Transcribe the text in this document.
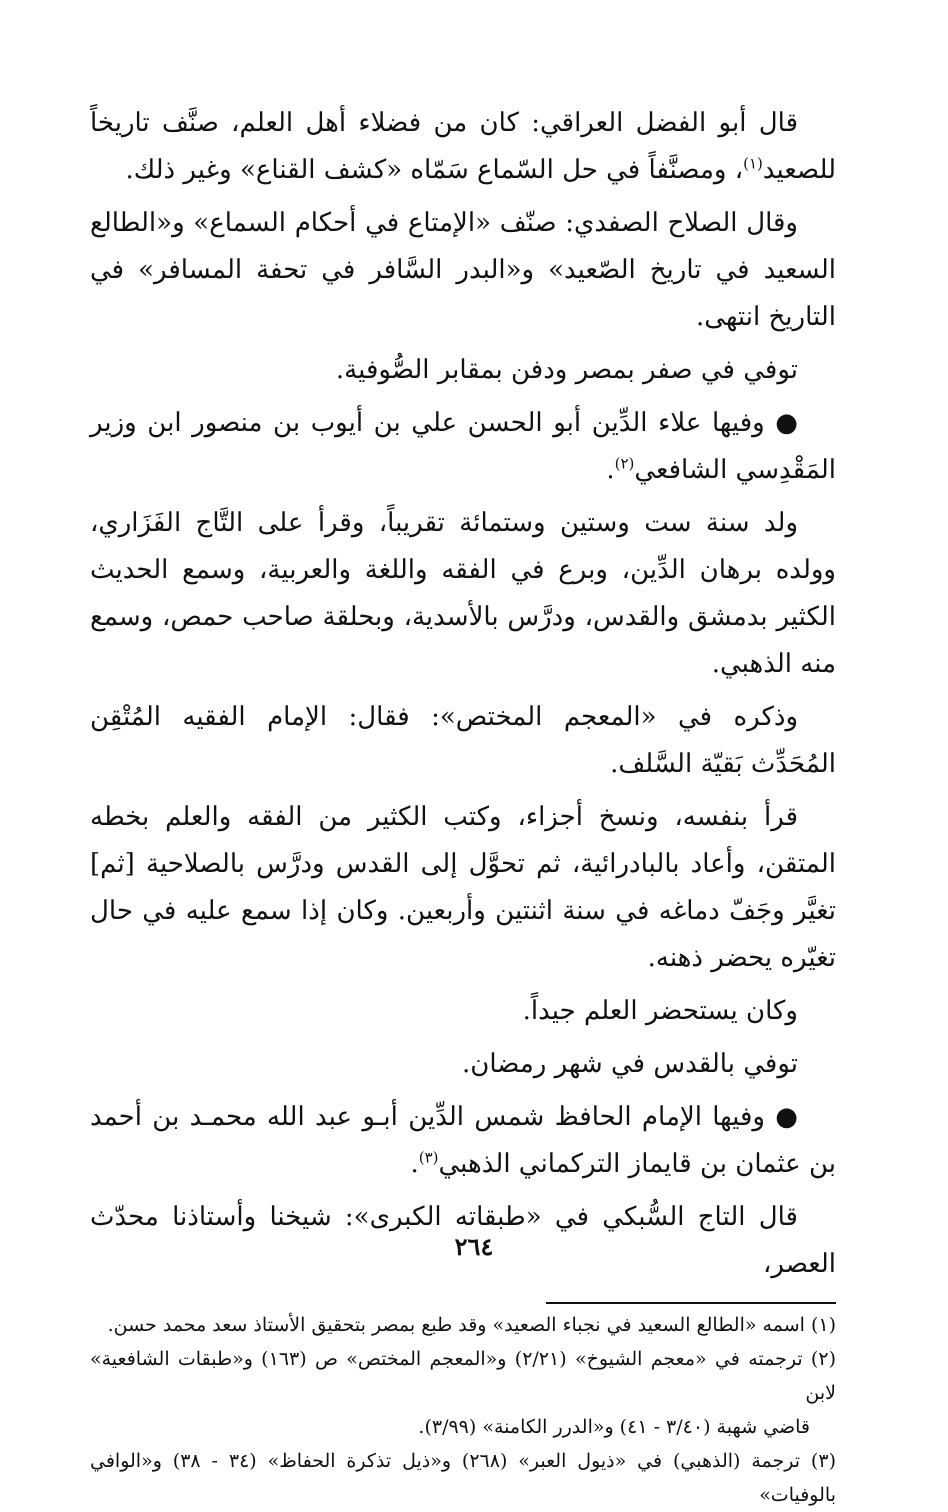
قال أبو الفضل العراقي: كان من فضلاء أهل العلم، صنَّف تاريخاً للصعيد$^{(١)}$، ومصنَّفاً في حل السّماع سَمّاه «كشف القناع» وغير ذلك.

وقال الصلاح الصفدي: صنّف «الإمتاع في أحكام السماع» و«الطالع السعيد في تاريخ الصّعيد» و«البدر السَّافر في تحفة المسافر» في التاريخ انتهى.

توفي في صفر بمصر ودفن بمقابر الصُّوفية.

● وفيها علاء الدِّين أبو الحسن علي بن أيوب بن منصور ابن وزير المَقْدِسي الشافعي$^{(٢)}$.

ولد سنة ست وستين وستمائة تقريباً، وقرأ على التَّاج الفَزَاري، وولده برهان الدِّين، وبرع في الفقه واللغة والعربية، وسمع الحديث الكثير بدمشق والقدس، ودرَّس بالأسدية، وبحلقة صاحب حمص، وسمع منه الذهبي.

وذكره في «المعجم المختص»: فقال: الإمام الفقيه المُتْقِن المُحَدِّث بَقيّة السَّلف.

قرأ بنفسه، ونسخ أجزاء، وكتب الكثير من الفقه والعلم بخطه المتقن، وأعاد بالبادرائية، ثم تحوَّل إلى القدس ودرَّس بالصلاحية [ثم] تغيَّر وجَفّ دماغه في سنة اثنتين وأربعين. وكان إذا سمع عليه في حال تغيّره يحضر ذهنه.

وكان يستحضر العلم جيداً.

توفي بالقدس في شهر رمضان.

● وفيها الإمام الحافظ شمس الدِّين أبـو عبد الله محمـد بن أحمد بن عثمان بن قايماز التركماني الذهبي$^{(٣)}$.

قال التاج السُّبكي في «طبقاته الكبرى»: شيخنا وأستاذنا محدّث العصر،

(١) اسمه «الطالع السعيد في نجباء الصعيد» وقد طبع بمصر بتحقيق الأستاذ سعد محمد حسن.

(٢) ترجمته في «معجم الشيوخ» (٢/٢١) و«المعجم المختص» ص (١٦٣) و«طبقات الشافعية» لابن
قاضي شهبة (٣/٤٠ - ٤١) و«الدرر الكامنة» (٣/٩٩).

(٣) ترجمة (الذهبي) في «ذيول العبر» (٢٦٨) و«ذيل تذكرة الحفاظ» (٣٤ - ٣٨) و«الوافي بالوفيات»

٢٦٤
